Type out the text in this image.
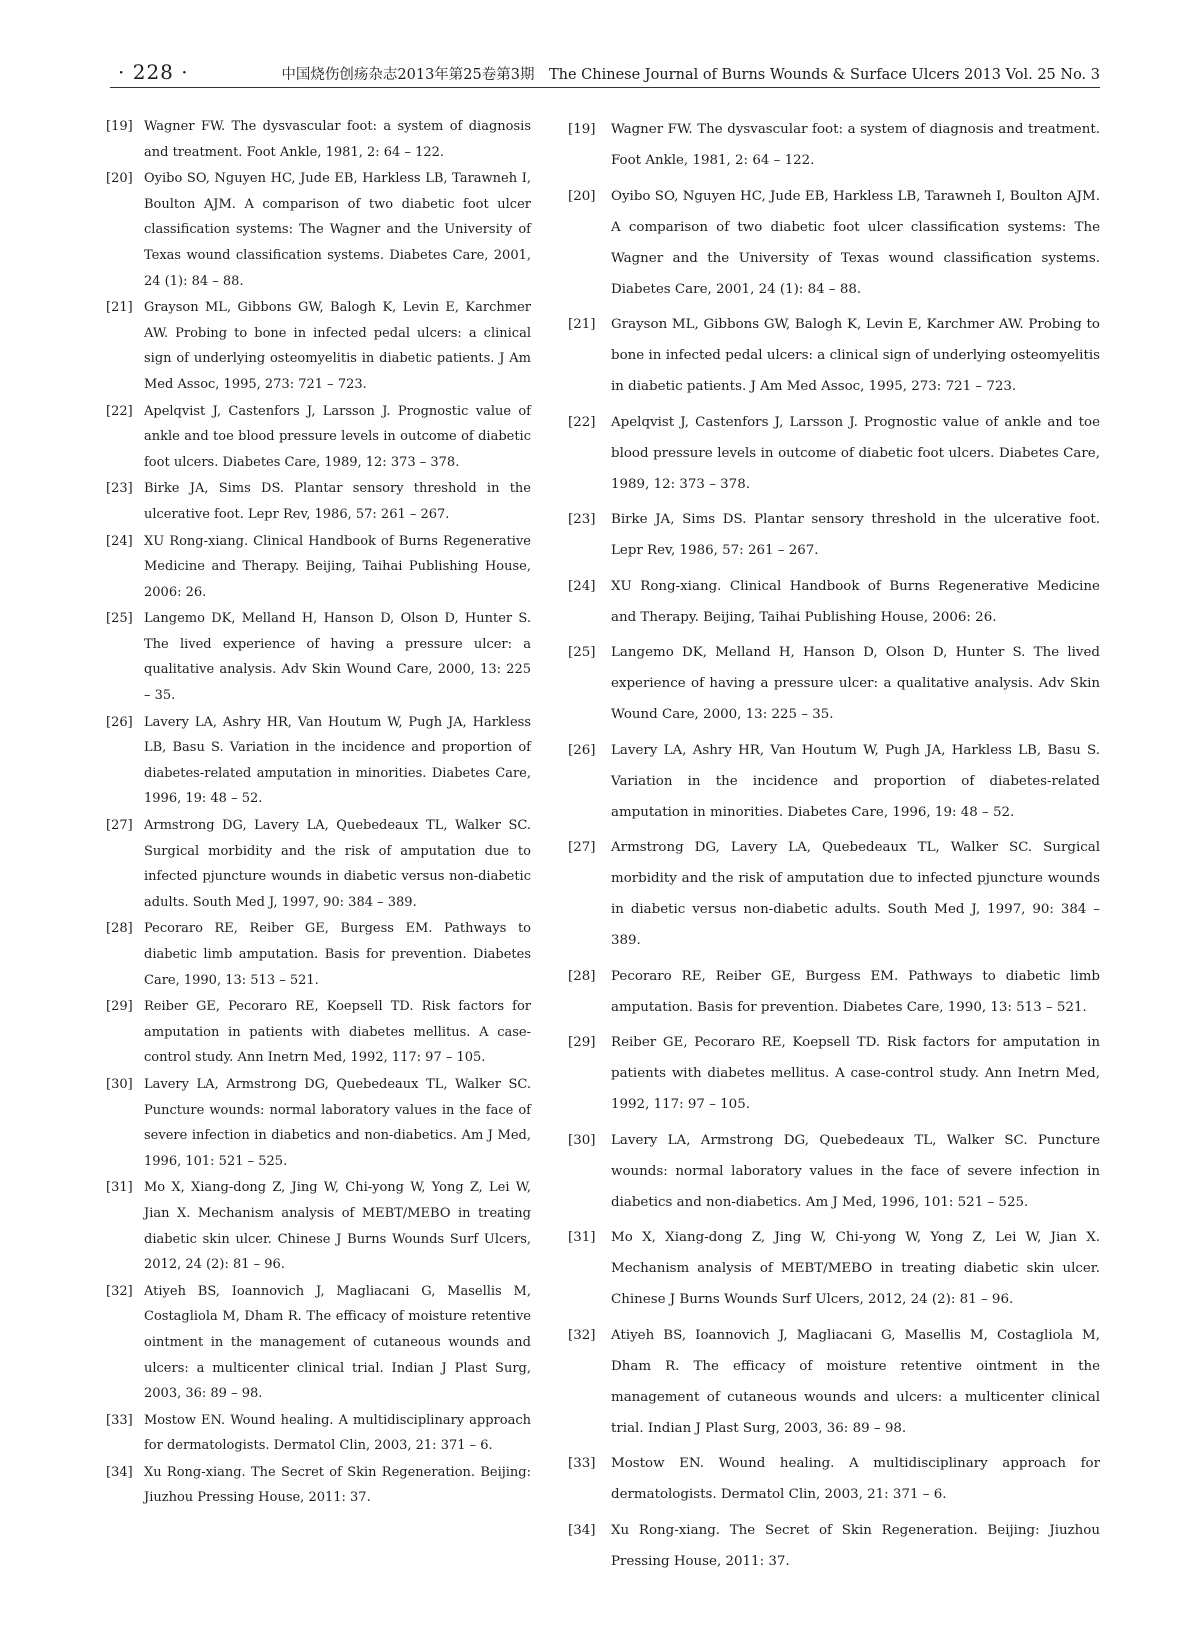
· 228 ·	中国烧伤创疡杂志2013年第25卷第3期　The Chinese Journal of Burns Wounds & Surface Ulcers 2013 Vol. 25 No. 3
[19] Wagner FW. The dysvascular foot: a system of diagnosis and treatment. Foot Ankle, 1981, 2: 64 – 122.
[20] Oyibo SO, Nguyen HC, Jude EB, Harkless LB, Tarawneh I, Boulton AJM. A comparison of two diabetic foot ulcer classification systems: The Wagner and the University of Texas wound classification systems. Diabetes Care, 2001, 24 (1): 84 – 88.
[21] Grayson ML, Gibbons GW, Balogh K, Levin E, Karchmer AW. Probing to bone in infected pedal ulcers: a clinical sign of underlying osteomyelitis in diabetic patients. J Am Med Assoc, 1995, 273: 721 – 723.
[22] Apelqvist J, Castenfors J, Larsson J. Prognostic value of ankle and toe blood pressure levels in outcome of diabetic foot ulcers. Diabetes Care, 1989, 12: 373 – 378.
[23] Birke JA, Sims DS. Plantar sensory threshold in the ulcerative foot. Lepr Rev, 1986, 57: 261 – 267.
[24] XU Rong-xiang. Clinical Handbook of Burns Regenerative Medicine and Therapy. Beijing, Taihai Publishing House, 2006: 26.
[25] Langemo DK, Melland H, Hanson D, Olson D, Hunter S. The lived experience of having a pressure ulcer: a qualitative analysis. Adv Skin Wound Care, 2000, 13: 225 – 35.
[26] Lavery LA, Ashry HR, Van Houtum W, Pugh JA, Harkless LB, Basu S. Variation in the incidence and proportion of diabetes-related amputation in minorities. Diabetes Care, 1996, 19: 48 – 52.
[27] Armstrong DG, Lavery LA, Quebedeaux TL, Walker SC. Surgical morbidity and the risk of amputation due to infected pjuncture wounds in diabetic versus non-diabetic adults. South Med J, 1997, 90: 384 – 389.
[28] Pecoraro RE, Reiber GE, Burgess EM. Pathways to diabetic limb amputation. Basis for prevention. Diabetes Care, 1990, 13: 513 – 521.
[29] Reiber GE, Pecoraro RE, Koepsell TD. Risk factors for amputation in patients with diabetes mellitus. A case-control study. Ann Inetrn Med, 1992, 117: 97 – 105.
[30] Lavery LA, Armstrong DG, Quebedeaux TL, Walker SC. Puncture wounds: normal laboratory values in the face of severe infection in diabetics and non-diabetics. Am J Med, 1996, 101: 521 – 525.
[31] Mo X, Xiang-dong Z, Jing W, Chi-yong W, Yong Z, Lei W, Jian X. Mechanism analysis of MEBT/MEBO in treating diabetic skin ulcer. Chinese J Burns Wounds Surf Ulcers, 2012, 24 (2): 81 – 96.
[32] Atiyeh BS, Ioannovich J, Magliacani G, Masellis M, Costagliola M, Dham R. The efficacy of moisture retentive ointment in the management of cutaneous wounds and ulcers: a multicenter clinical trial. Indian J Plast Surg, 2003, 36: 89 – 98.
[33] Mostow EN. Wound healing. A multidisciplinary approach for dermatologists. Dermatol Clin, 2003, 21: 371 – 6.
[34] Xu Rong-xiang. The Secret of Skin Regeneration. Beijing: Jiuzhou Pressing House, 2011: 37.
[19]	Wagner FW. The dysvascular foot: a system of diagnosis and treatment. Foot Ankle, 1981, 2: 64 – 122.
[20]	Oyibo SO, Nguyen HC, Jude EB, Harkless LB, Tarawneh I, Boulton AJM. A comparison of two diabetic foot ulcer classification systems: The Wagner and the University of Texas wound classification systems. Diabetes Care, 2001, 24 (1): 84 – 88.
[21]	Grayson ML, Gibbons GW, Balogh K, Levin E, Karchmer AW. Probing to bone in infected pedal ulcers: a clinical sign of underlying osteomyelitis in diabetic patients. J Am Med Assoc, 1995, 273: 721 – 723.
[22]	Apelqvist J, Castenfors J, Larsson J. Prognostic value of ankle and toe blood pressure levels in outcome of diabetic foot ulcers. Diabetes Care, 1989, 12: 373 – 378.
[23]	Birke JA, Sims DS. Plantar sensory threshold in the ulcerative foot. Lepr Rev, 1986, 57: 261 – 267.
[24]	XU Rong-xiang. Clinical Handbook of Burns Regenerative Medicine and Therapy. Beijing, Taihai Publishing House, 2006: 26.
[25]	Langemo DK, Melland H, Hanson D, Olson D, Hunter S. The lived experience of having a pressure ulcer: a qualitative analysis. Adv Skin Wound Care, 2000, 13: 225 – 35.
[26]	Lavery LA, Ashry HR, Van Houtum W, Pugh JA, Harkless LB, Basu S. Variation in the incidence and proportion of diabetes-related amputation in minorities. Diabetes Care, 1996, 19: 48 – 52.
[27]	Armstrong DG, Lavery LA, Quebedeaux TL, Walker SC. Surgical morbidity and the risk of amputation due to infected pjuncture wounds in diabetic versus non-diabetic adults. South Med J, 1997, 90: 384 – 389.
[28]	Pecoraro RE, Reiber GE, Burgess EM. Pathways to diabetic limb amputation. Basis for prevention. Diabetes Care, 1990, 13: 513 – 521.
[29]	Reiber GE, Pecoraro RE, Koepsell TD. Risk factors for amputation in patients with diabetes mellitus. A case-control study. Ann Inetrn Med, 1992, 117: 97 – 105.
[30]	Lavery LA, Armstrong DG, Quebedeaux TL, Walker SC. Puncture wounds: normal laboratory values in the face of severe infection in diabetics and non-diabetics. Am J Med, 1996, 101: 521 – 525.
[31]	Mo X, Xiang-dong Z, Jing W, Chi-yong W, Yong Z, Lei W, Jian X. Mechanism analysis of MEBT/MEBO in treating diabetic skin ulcer. Chinese J Burns Wounds Surf Ulcers, 2012, 24 (2): 81 – 96.
[32]	Atiyeh BS, Ioannovich J, Magliacani G, Masellis M, Costagliola M, Dham R. The efficacy of moisture retentive ointment in the management of cutaneous wounds and ulcers: a multicenter clinical trial. Indian J Plast Surg, 2003, 36: 89 – 98.
[33]	Mostow EN. Wound healing. A multidisciplinary approach for dermatologists. Dermatol Clin, 2003, 21: 371 – 6.
[34]	Xu Rong-xiang. The Secret of Skin Regeneration. Beijing: Jiuzhou Pressing House, 2011: 37.
